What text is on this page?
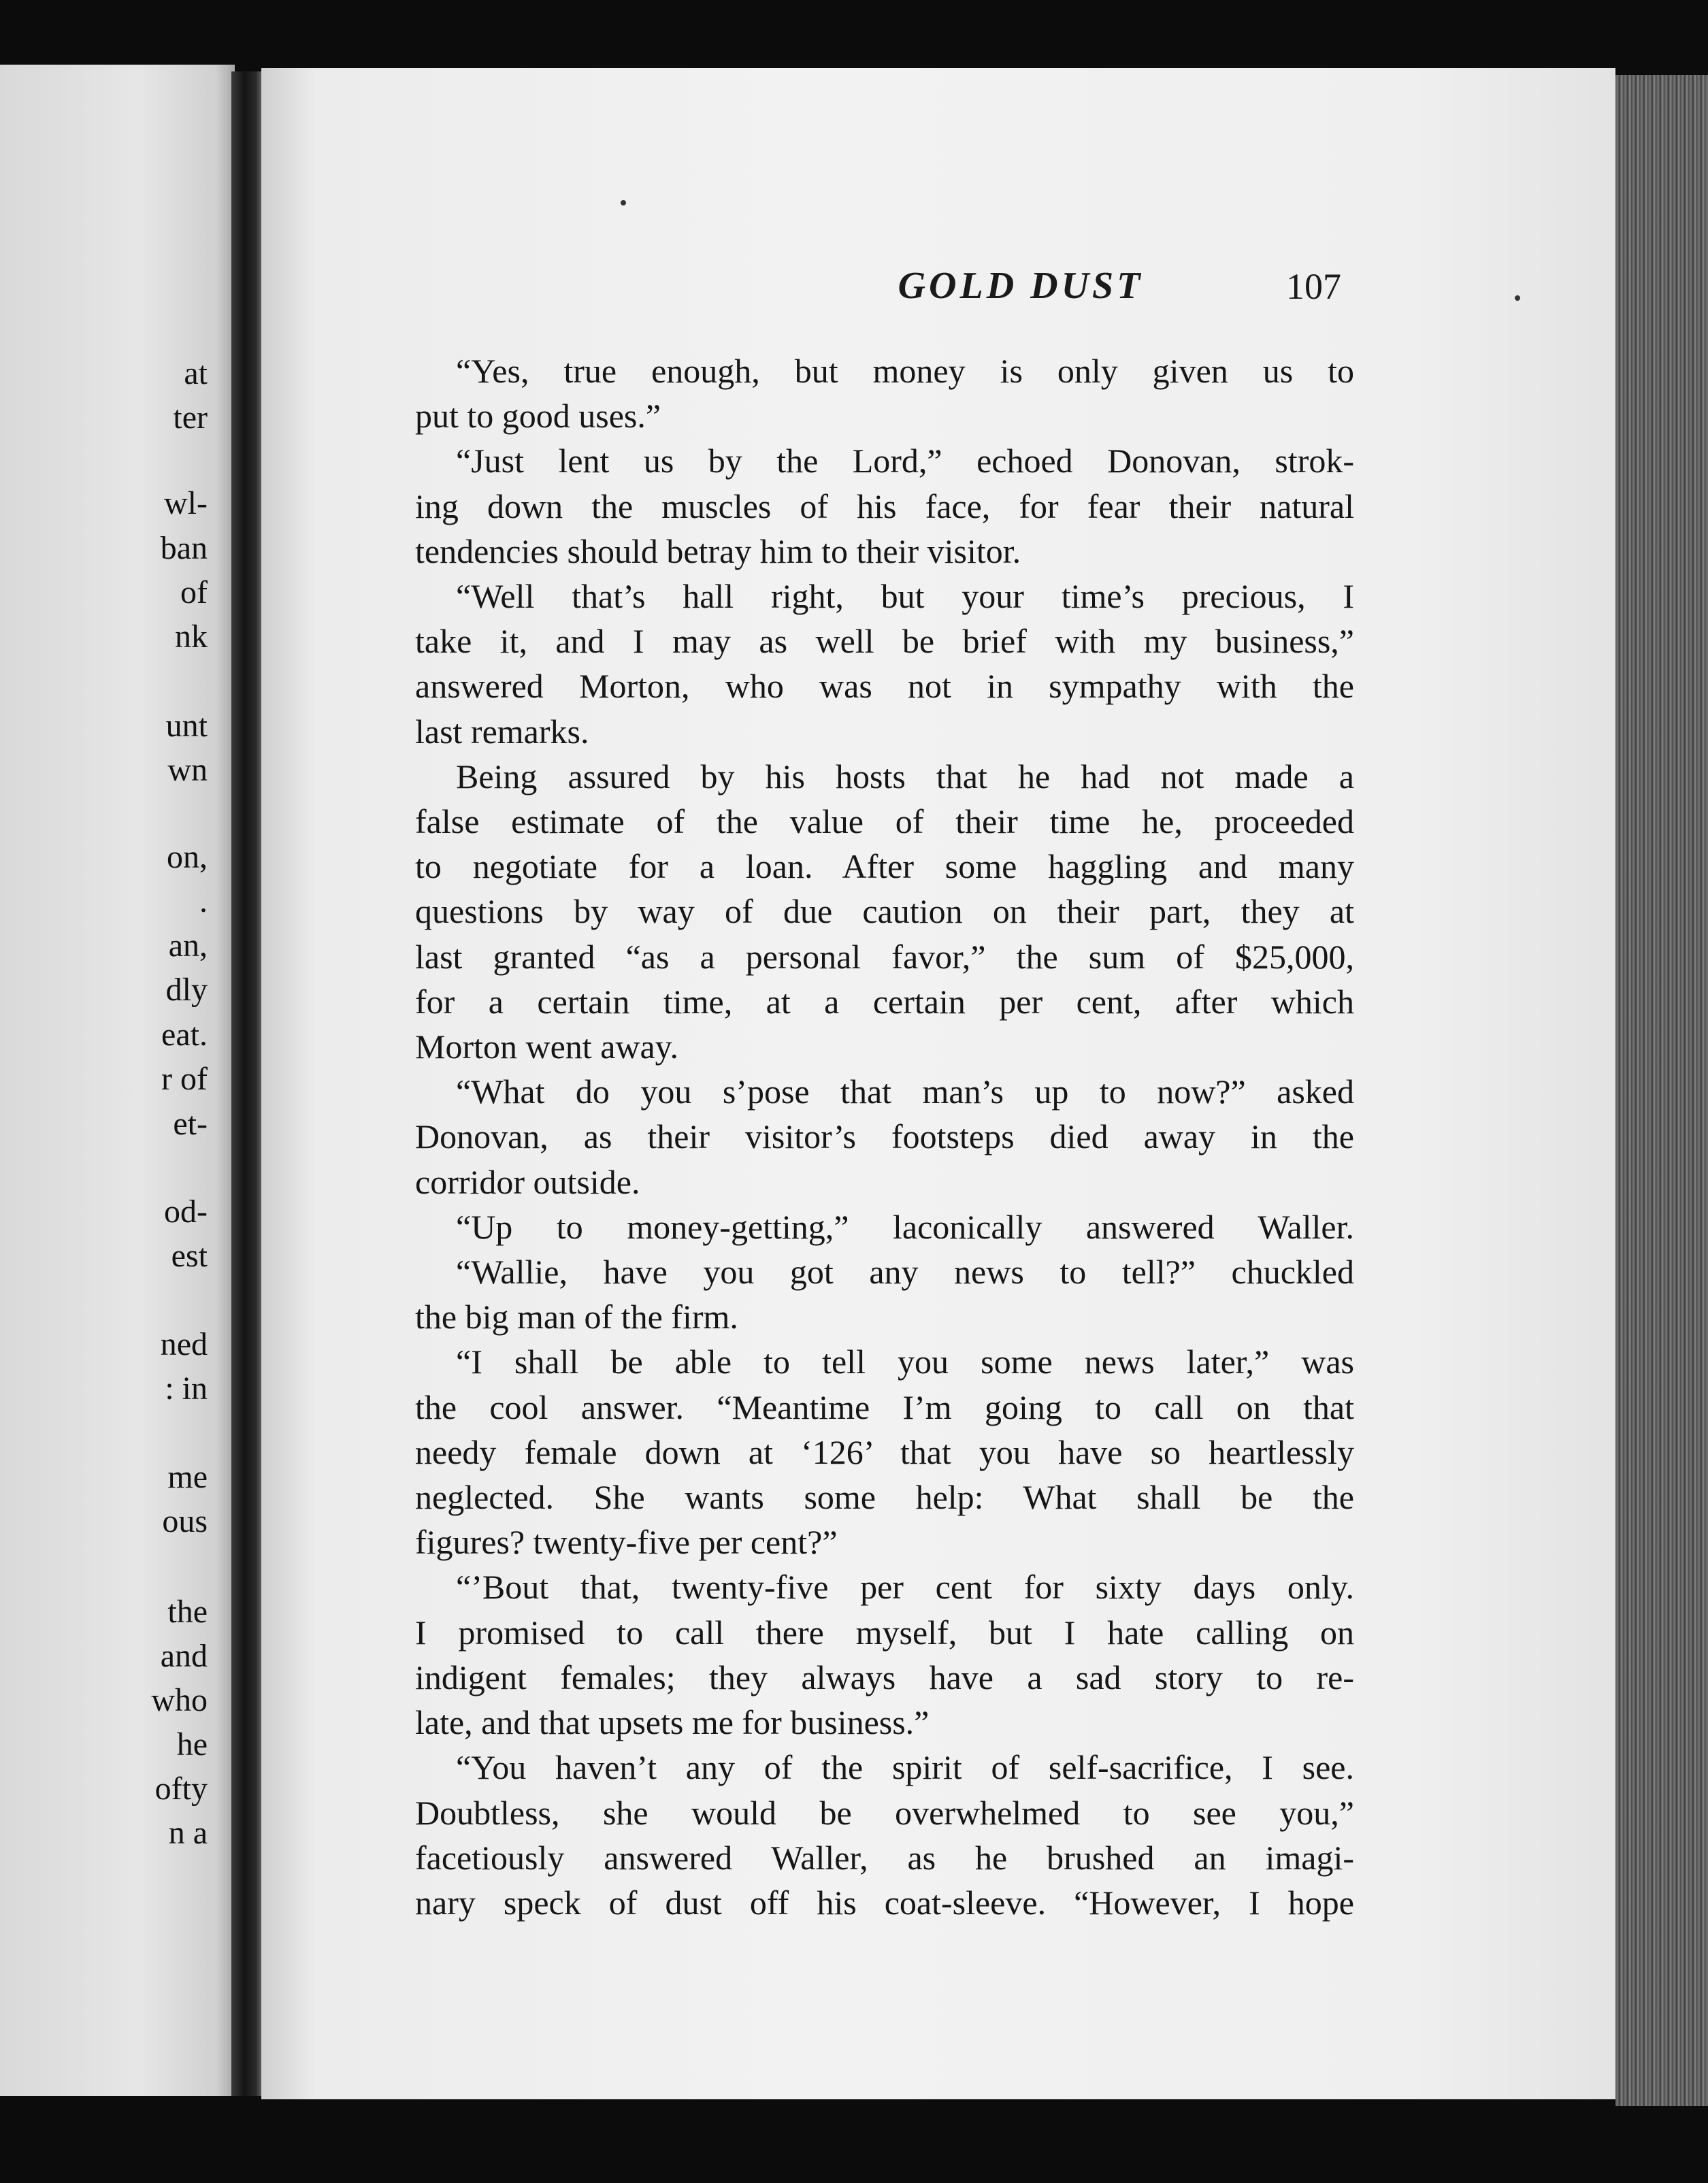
at
ter
wl-
ban
of
nk
unt
wn
on,
.
an,
dly
eat.
r of
et-
od-
est
ned
: in
me
ous
the
and
who
he
ofty
n a
GOLD DUST	107
“Yes, true enough, but money is only given us to
put to good uses.”
“Just lent us by the Lord,” echoed Donovan, strok-
ing down the muscles of his face, for fear their natural
tendencies should betray him to their visitor.
“Well that’s hall right, but your time’s precious, I
take it, and I may as well be brief with my business,”
answered Morton, who was not in sympathy with the
last remarks.
Being assured by his hosts that he had not made a
false estimate of the value of their time he, proceeded
to negotiate for a loan. After some haggling and many
questions by way of due caution on their part, they at
last granted “as a personal favor,” the sum of $25,000,
for a certain time, at a certain per cent, after which
Morton went away.
“What do you s’pose that man’s up to now?” asked
Donovan, as their visitor’s footsteps died away in the
corridor outside.
“Up to money-getting,” laconically answered Waller.
“Wallie, have you got any news to tell?” chuckled
the big man of the firm.
“I shall be able to tell you some news later,” was
the cool answer. “Meantime I’m going to call on that
needy female down at ‘126’ that you have so heartlessly
neglected. She wants some help: What shall be the
figures? twenty-five per cent?”
“’Bout that, twenty-five per cent for sixty days only.
I promised to call there myself, but I hate calling on
indigent females; they always have a sad story to re-
late, and that upsets me for business.”
“You haven’t any of the spirit of self-sacrifice, I see.
Doubtless, she would be overwhelmed to see you,”
facetiously answered Waller, as he brushed an imagi-
nary speck of dust off his coat-sleeve. “However, I hope
